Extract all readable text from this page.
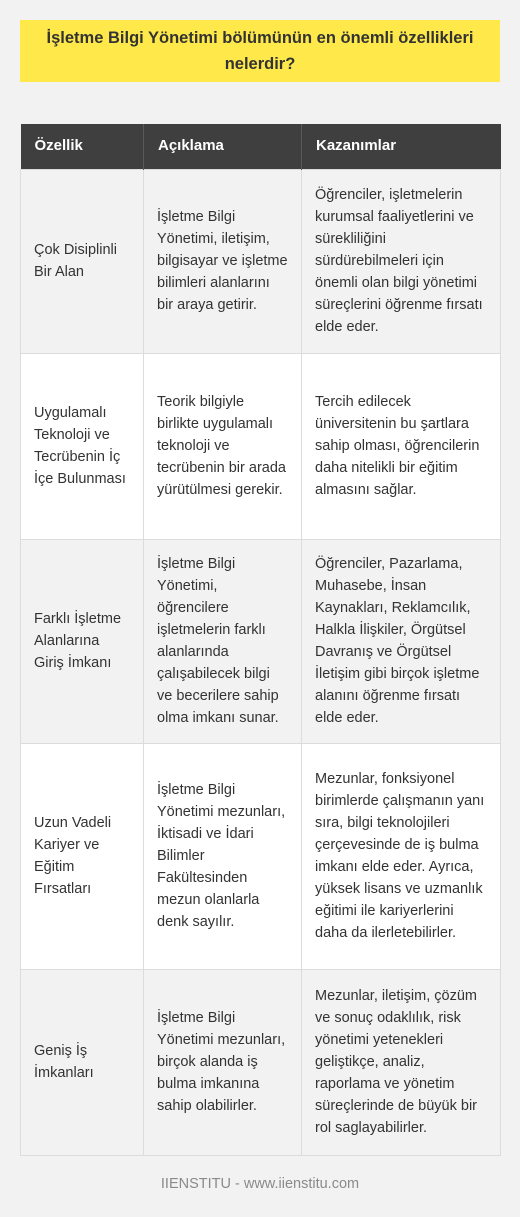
İşletme Bilgi Yönetimi bölümünün en önemli özellikleri nelerdir?
Özellik	Açıklama	Kazanımlar
Çok Disiplinli Bir Alan	İşletme Bilgi Yönetimi, iletişim, bilgisayar ve işletme bilimleri alanlarını bir araya getirir.	Öğrenciler, işletmelerin kurumsal faaliyetlerini ve sürekliliğini sürdürebilmeleri için önemli olan bilgi yönetimi süreçlerini öğrenme fırsatı elde eder.
Uygulamalı Teknoloji ve Tecrübenin İç İçe Bulunması	Teorik bilgiyle birlikte uygulamalı teknoloji ve tecrübenin bir arada yürütülmesi gerekir.	Tercih edilecek üniversitenin bu şartlara sahip olması, öğrencilerin daha nitelikli bir eğitim almasını sağlar.
Farklı İşletme Alanlarına Giriş İmkanı	İşletme Bilgi Yönetimi, öğrencilere işletmelerin farklı alanlarında çalışabilecek bilgi ve becerilere sahip olma imkanı sunar.	Öğrenciler, Pazarlama, Muhasebe, İnsan Kaynakları, Reklamcılık, Halkla İlişkiler, Örgütsel Davranış ve Örgütsel İletişim gibi birçok işletme alanını öğrenme fırsatı elde eder.
Uzun Vadeli Kariyer ve Eğitim Fırsatları	İşletme Bilgi Yönetimi mezunları, İktisadi ve İdari Bilimler Fakültesinden mezun olanlarla denk sayılır.	Mezunlar, fonksiyonel birimlerde çalışmanın yanı sıra, bilgi teknolojileri çerçevesinde de iş bulma imkanı elde eder. Ayrıca, yüksek lisans ve uzmanlık eğitimi ile kariyerlerini daha da ilerletebilirler.
Geniş İş İmkanları	İşletme Bilgi Yönetimi mezunları, birçok alanda iş bulma imkanına sahip olabilirler.	Mezunlar, iletişim, çözüm ve sonuç odaklılık, risk yönetimi yetenekleri geliştikçe, analiz, raporlama ve yönetim süreçlerinde de büyük bir rol saglayabilirler.
IIENSTITU - www.iienstitu.com
